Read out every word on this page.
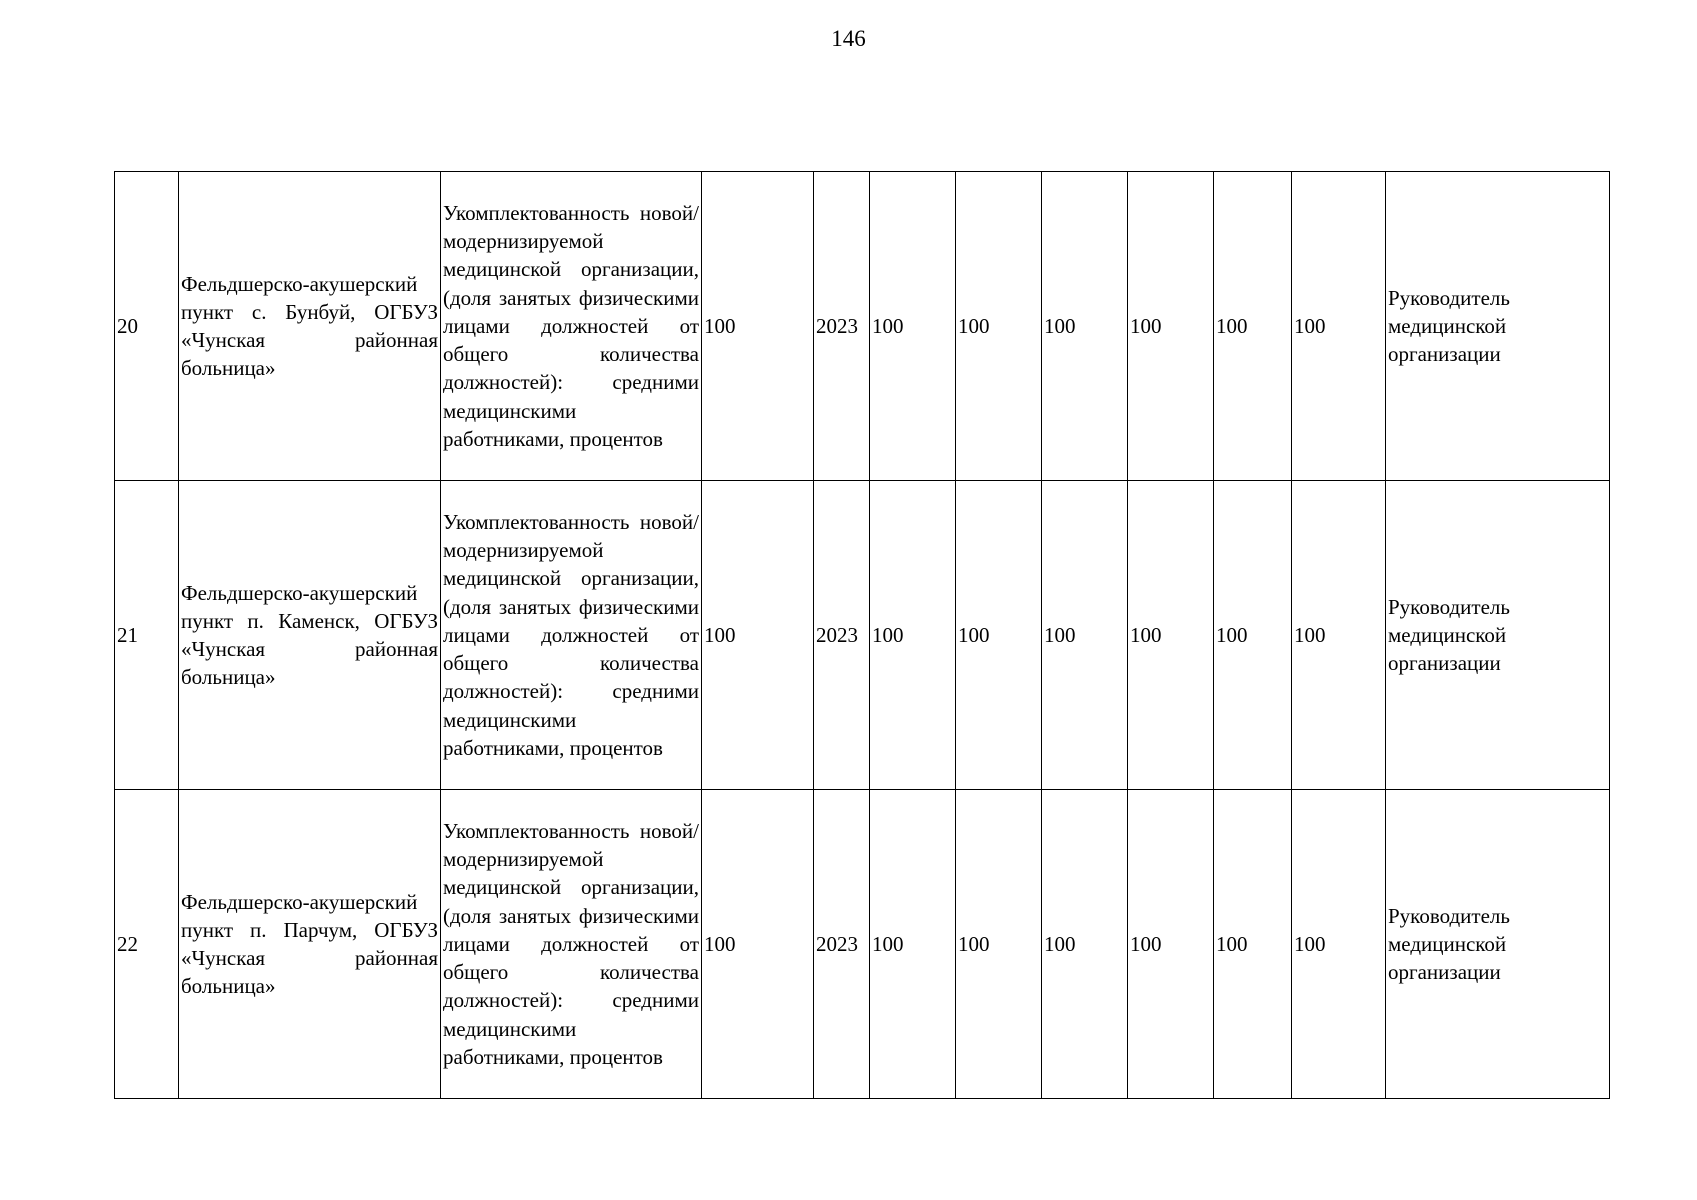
146
20	Фельдшерско-акушерский пункт с. Бунбуй, ОГБУЗ «Чунская районная больница»	Укомплектованность новой/модернизируемой медицинской организации, (доля занятых физическими лицами должностей от общего количества должностей): средними медицинскими работниками, процентов	100	2023	100	100	100	100	100	100	Руководитель медицинской организации
21	Фельдшерско-акушерский пункт п. Каменск, ОГБУЗ «Чунская районная больница»	Укомплектованность новой/модернизируемой медицинской организации, (доля занятых физическими лицами должностей от общего количества должностей): средними медицинскими работниками, процентов	100	2023	100	100	100	100	100	100	Руководитель медицинской организации
22	Фельдшерско-акушерский пункт п. Парчум, ОГБУЗ «Чунская районная больница»	Укомплектованность новой/модернизируемой медицинской организации, (доля занятых физическими лицами должностей от общего количества должностей): средними медицинскими работниками, процентов	100	2023	100	100	100	100	100	100	Руководитель медицинской организации
